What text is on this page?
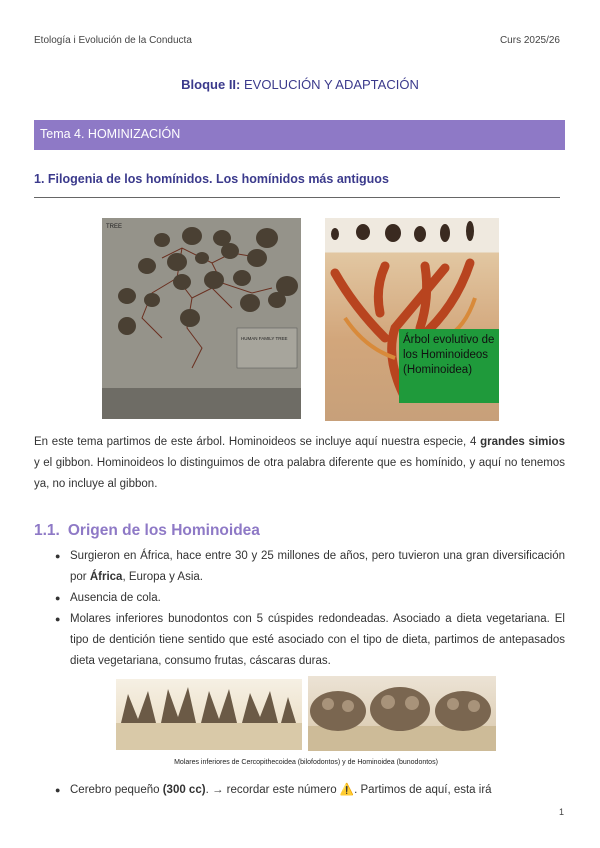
Etología i Evolución de la Conducta	Curs 2025/26
Bloque II: EVOLUCIÓN Y ADAPTACIÓN
Tema 4. HOMINIZACIÓN
1. Filogenia de los homínidos. Los homínidos más antiguos
TREE
HUMAN FAMILY TREE	Árbol evolutivo de los Hominoideos (Hominoidea)
En este tema partimos de este árbol. Hominoideos se incluye aquí nuestra especie, 4 grandes simios y el gibbon. Hominoideos lo distinguimos de otra palabra diferente que es homínido, y aquí no tenemos ya, no incluye al gibbon.
1.1. Origen de los Hominoidea
● Surgieron en África, hace entre 30 y 25 millones de años, pero tuvieron una gran diversificación por África, Europa y Asia.
● Ausencia de cola.
● Molares inferiores bunodontos con 5 cúspides redondeadas. Asociado a dieta vegetariana. El tipo de dentición tiene sentido que esté asociado con el tipo de dieta, partimos de antepasados dieta vegetariana, consumo frutas, cáscaras duras.
Molares inferiores de Cercopithecoidea (bilofodontos) y de Hominoidea (bunodontos)
● Cerebro pequeño (300 cc). → recordar este número ⚠️. Partimos de aquí, esta irá
1
